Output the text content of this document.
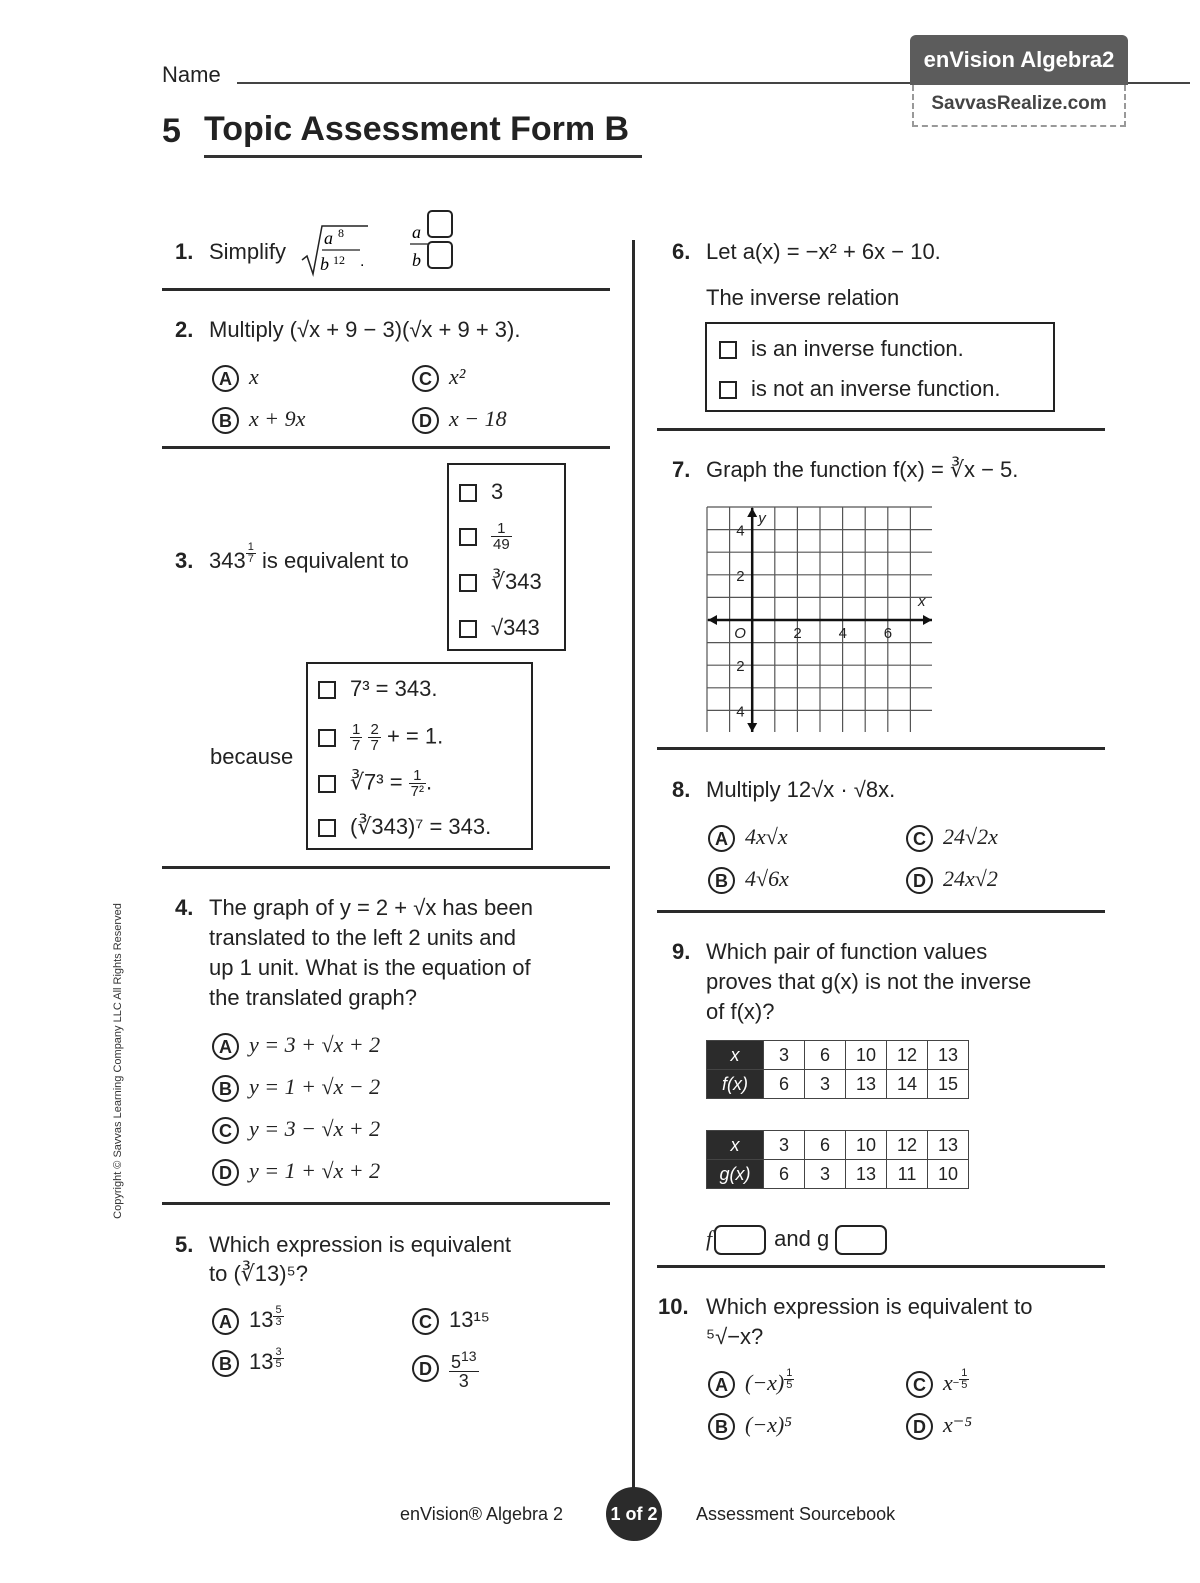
Name
enVision Algebra2
SavvasRealize.com
5 Topic Assessment Form B
1. Simplify
a 8
b 12 .
a
b
2. Multiply (√x + 9 − 3)(√x + 9 + 3).
A x
B x + 9x
C x²
D x − 18
3. $343 \frac{1}{7}$ is equivalent to
3
$\frac{1}{49}$
∛343
√343
because
7³ = 343.
$\frac{1}{7}$
$\frac{2}{7}$ + = 1.
∛7³ = $\frac{1}{\text{7²}}$ .
(∛343)⁷ = 343.
4. The graph of y = 2 + √x has been
translated to the left 2 units and
up 1 unit. What is the equation of
the translated graph?
A y = 3 + √x + 2
B y = 1 + √x − 2
C y = 3 − √x + 2
D y = 1 + √x + 2
5. Which expression is equivalent
to (∛13)⁵?
A $13 \frac{5}{3}$
B $13 \frac{3}{5}$
C 13¹⁵
D $\frac{5^{13}}{3}$
6. Let a(x) = −x² + 6x − 10.
The inverse relation
is an inverse function.
is not an inverse function.
7. Graph the function f(x) = ∛x − 5.
y
x
O	2 4 6
4
2
2
4
8. Multiply 12√x · √8x.
A 4x√x
B 4√6x
C 24√2x
D 24x√2
9. Which pair of function values
proves that g(x) is not the inverse
of f(x)?
x	3	6	10	12	13
f(x)	6	3	13	14	15
x	3	6	10	12	13
g(x)	6	3	13	11	10
f	and g
10. Which expression is equivalent to
⁵√−x?
A $(-x) \frac{1}{5}$
B (−x)⁵
C $x^- \frac{1}{5}$
D x⁻⁵
Copyright © Savvas Learning Company LLC All Rights Reserved
enVision® Algebra 2	1 of 2 Assessment Sourcebook
